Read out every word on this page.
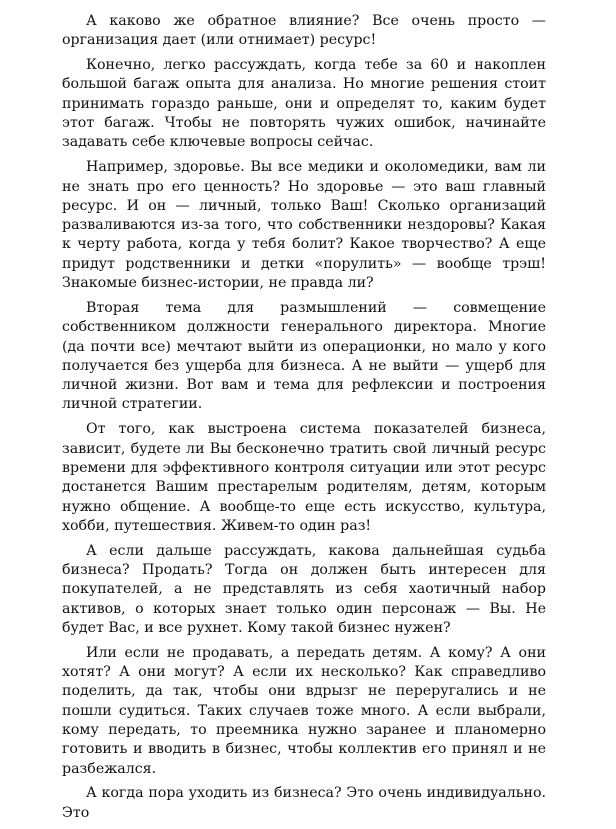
А каково же обратное влияние? Все очень просто — организация дает (или отнимает) ресурс!

Конечно, легко рассуждать, когда тебе за 60 и накоплен большой багаж опыта для анализа. Но многие решения стоит принимать гораздо раньше, они и определят то, каким будет этот багаж. Чтобы не повторять чужих ошибок, начинайте задавать себе ключевые вопросы сейчас.

Например, здоровье. Вы все медики и околомедики, вам ли не знать про его ценность? Но здоровье — это ваш главный ресурс. И он — личный, только Ваш! Сколько организаций разваливаются из-за того, что собственники нездоровы? Какая к черту работа, когда у тебя болит? Какое творчество? А еще придут родственники и детки «порулить» — вообще трэш! Знакомые бизнес-истории, не правда ли?

Вторая тема для размышлений — совмещение собственником должности генерального директора. Многие (да почти все) мечтают выйти из операционки, но мало у кого получается без ущерба для бизнеса. А не выйти — ущерб для личной жизни. Вот вам и тема для рефлексии и построения личной стратегии.

От того, как выстроена система показателей бизнеса, зависит, будете ли Вы бесконечно тратить свой личный ресурс времени для эффективного контроля ситуации или этот ресурс достанется Вашим престарелым родителям, детям, которым нужно общение. А вообще-то еще есть искусство, культура, хобби, путешествия. Живем-то один раз!

А если дальше рассуждать, какова дальнейшая судьба бизнеса? Продать? Тогда он должен быть интересен для покупателей, а не представлять из себя хаотичный набор активов, о которых знает только один персонаж — Вы. Не будет Вас, и все рухнет. Кому такой бизнес нужен?

Или если не продавать, а передать детям. А кому? А они хотят? А они могут? А если их несколько? Как справедливо поделить, да так, чтобы они вдрызг не переругались и не пошли судиться. Таких случаев тоже много. А если выбрали, кому передать, то преемника нужно заранее и планомерно готовить и вводить в бизнес, чтобы коллектив его принял и не разбежался.

А когда пора уходить из бизнеса? Это очень индивидуально. Это
